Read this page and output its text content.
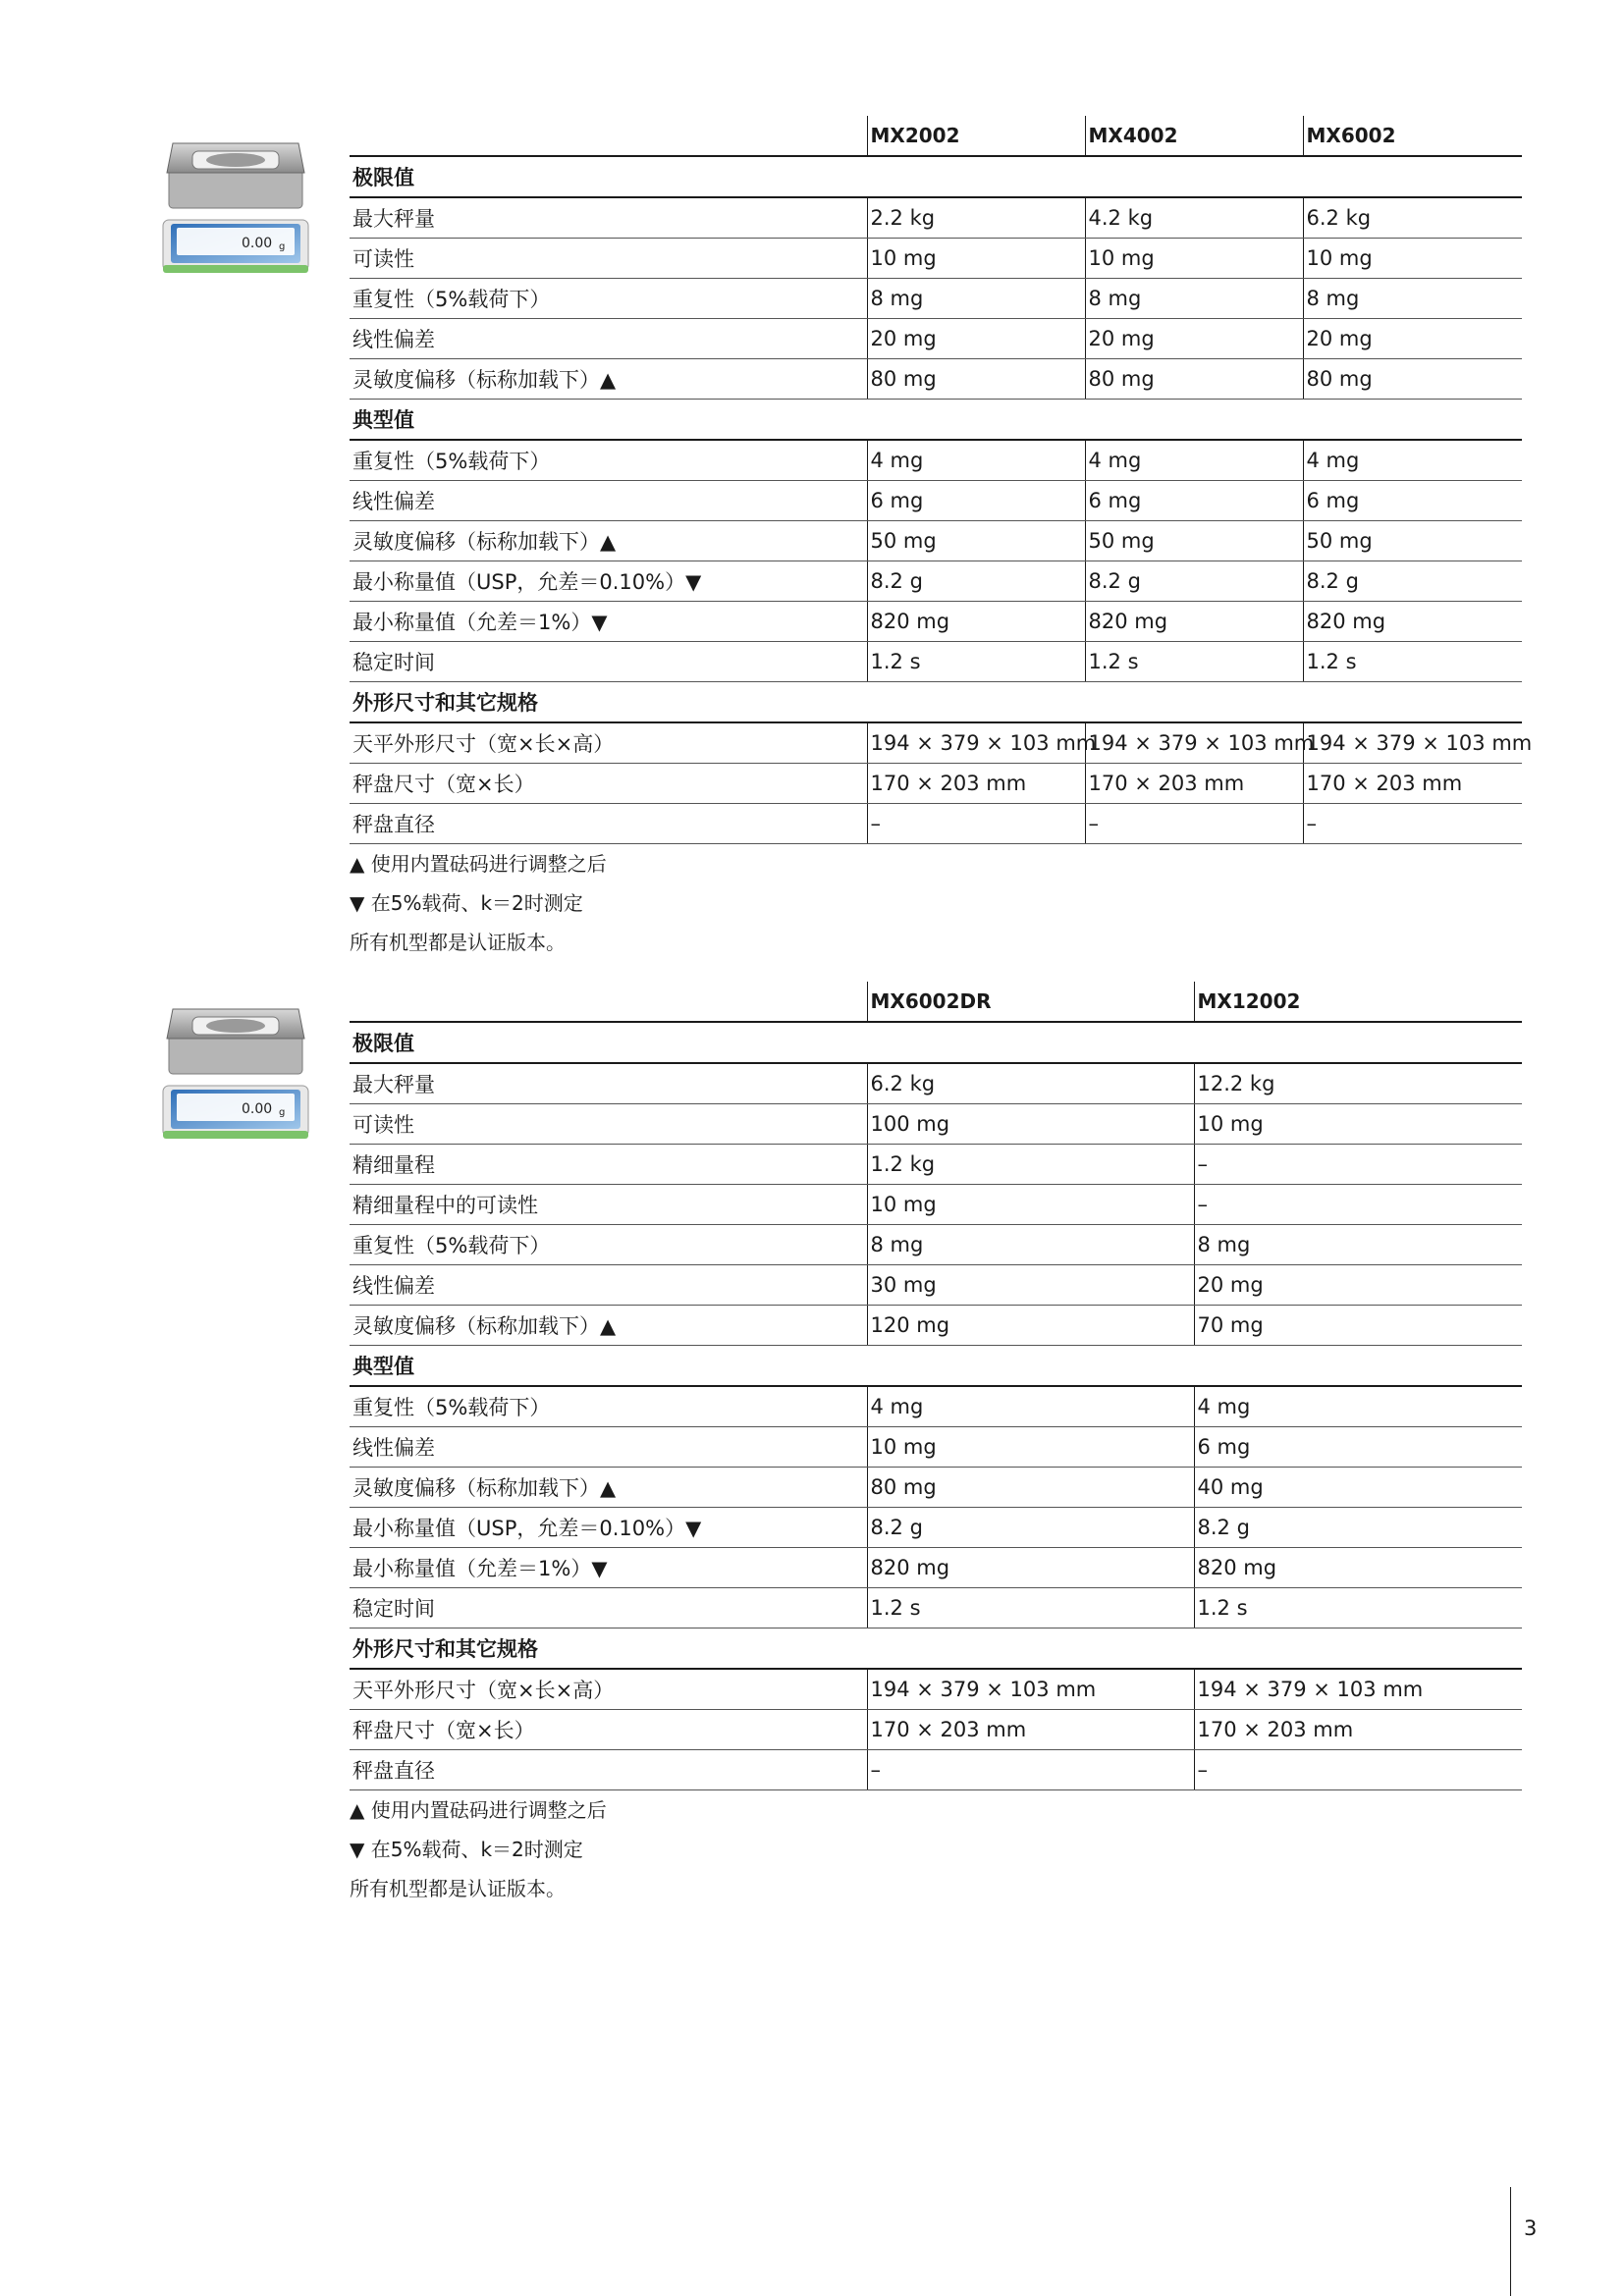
0.00 g
	MX2002	MX4002	MX6002
极限值			
最大秤量	2.2 kg	4.2 kg	6.2 kg
可读性	10 mg	10 mg	10 mg
重复性（5%载荷下）	8 mg	8 mg	8 mg
线性偏差	20 mg	20 mg	20 mg
灵敏度偏移（标称加载下）▲	80 mg	80 mg	80 mg
典型值			
重复性（5%载荷下）	4 mg	4 mg	4 mg
线性偏差	6 mg	6 mg	6 mg
灵敏度偏移（标称加载下）▲	50 mg	50 mg	50 mg
最小称量值（USP，允差＝0.10%）▼	8.2 g	8.2 g	8.2 g
最小称量值（允差＝1%）▼	820 mg	820 mg	820 mg
稳定时间	1.2 s	1.2 s	1.2 s
外形尺寸和其它规格			
天平外形尺寸（宽×长×高）	194 × 379 × 103 mm	194 × 379 × 103 mm	194 × 379 × 103 mm
秤盘尺寸（宽×长）	170 × 203 mm	170 × 203 mm	170 × 203 mm
秤盘直径	–	–	–
▲ 使用内置砝码进行调整之后
▼ 在5%载荷、k＝2时测定
所有机型都是认证版本。
0.00 g
	MX6002DR	MX12002
极限值		
最大秤量	6.2 kg	12.2 kg
可读性	100 mg	10 mg
精细量程	1.2 kg	–
精细量程中的可读性	10 mg	–
重复性（5%载荷下）	8 mg	8 mg
线性偏差	30 mg	20 mg
灵敏度偏移（标称加载下）▲	120 mg	70 mg
典型值		
重复性（5%载荷下）	4 mg	4 mg
线性偏差	10 mg	6 mg
灵敏度偏移（标称加载下）▲	80 mg	40 mg
最小称量值（USP，允差＝0.10%）▼	8.2 g	8.2 g
最小称量值（允差＝1%）▼	820 mg	820 mg
稳定时间	1.2 s	1.2 s
外形尺寸和其它规格		
天平外形尺寸（宽×长×高）	194 × 379 × 103 mm	194 × 379 × 103 mm
秤盘尺寸（宽×长）	170 × 203 mm	170 × 203 mm
秤盘直径	–	–
▲ 使用内置砝码进行调整之后
▼ 在5%载荷、k＝2时测定
所有机型都是认证版本。
3
